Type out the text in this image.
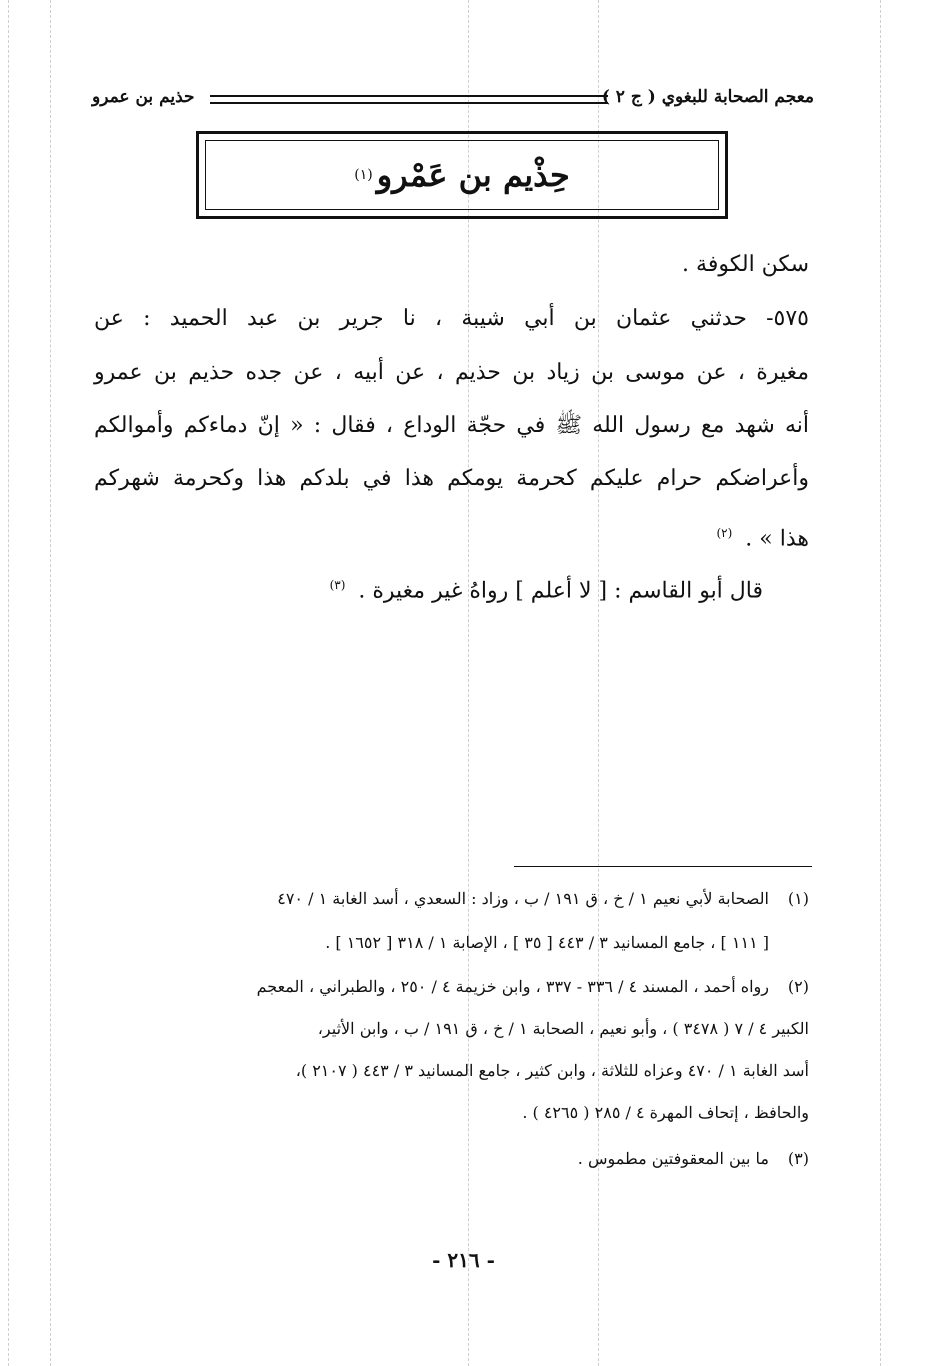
معجم الصحابة للبغوي ( ج ٢ )
حذيم بن عمرو
حِذْيم بن عَمْرو
(١)
سكن الكوفة .
٥٧٥- حدثني عثمان بن أبي شيبة ، نا جرير بن عبد الحميد : عن
مغيرة ، عن موسى بن زياد بن حذيم ، عن أبيه ، عن جده حذيم بن عمرو
أنه شهد مع رسول الله ﷺ في حجّة الوداع ، فقال : « إنّ دماءكم وأموالكم
وأعراضكم حرام عليكم كحرمة يومكم هذا في بلدكم هذا وكحرمة شهركم
هذا » . $^{(٢)}$
قال أبو القاسم : [ لا أعلم ] رواهُ غير مغيرة . $^{(٣)}$
(١)
الصحابة لأبي نعيم ١ / خ ، ق ١٩١ / ب ، وزاد : السعدي ، أسد الغابة ١ / ٤٧٠
[ ١١١ ] ، جامع المسانيد ٣ / ٤٤٣ [ ٣٥ ] ، الإصابة ١ / ٣١٨ [ ١٦٥٢ ] .
(٢)
رواه أحمد ، المسند ٤ / ٣٣٦ - ٣٣٧ ، وابن خزيمة ٤ / ٢٥٠ ، والطبراني ، المعجم
الكبير ٤ / ٧ ( ٣٤٧٨ ) ، وأبو نعيم ، الصحابة ١ / خ ، ق ١٩١ / ب ، وابن الأثير،
أسد الغابة ١ / ٤٧٠ وعزاه للثلاثة ، وابن كثير ، جامع المسانيد ٣ / ٤٤٣ ( ٢١٠٧ )،
والحافظ ، إتحاف المهرة ٤ / ٢٨٥ ( ٤٢٦٥ ) .
(٣)
ما بين المعقوفتين مطموس .
- ٢١٦ -
